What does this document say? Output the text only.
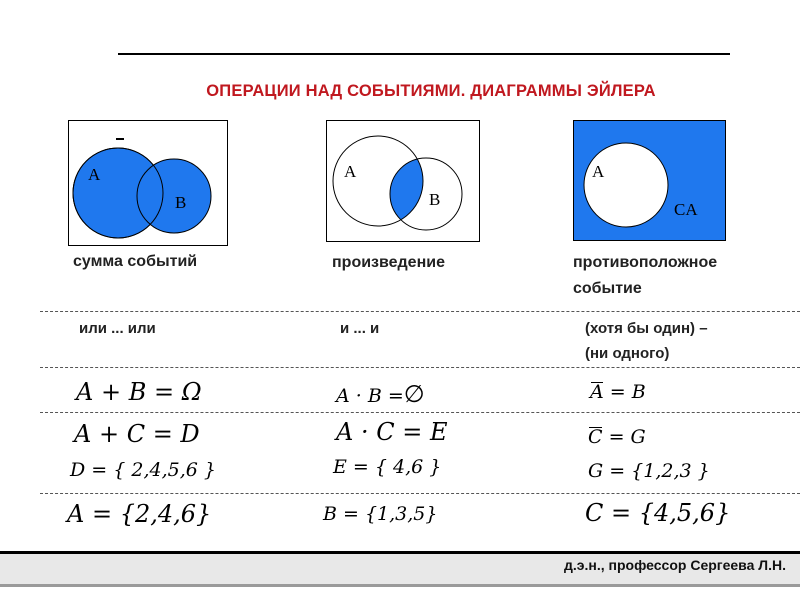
ОПЕРАЦИИ НАД СОБЫТИЯМИ. ДИАГРАММЫ ЭЙЛЕРА
A
B
A
B
A
CA
сумма событий	произведение	противоположное
событие
или ... или	и ... и	(хотя бы один) –
(ни одного)
A + B = Ω	A · B =∅	A = B
A + C = D	A · C = E	C = G
D = { 2,4,5,6 }	E = { 4,6 }	G = {1,2,3 }
A = {2,4,6}	B = {1,3,5}	C = {4,5,6}
д.э.н., профессор Сергеева Л.Н.
